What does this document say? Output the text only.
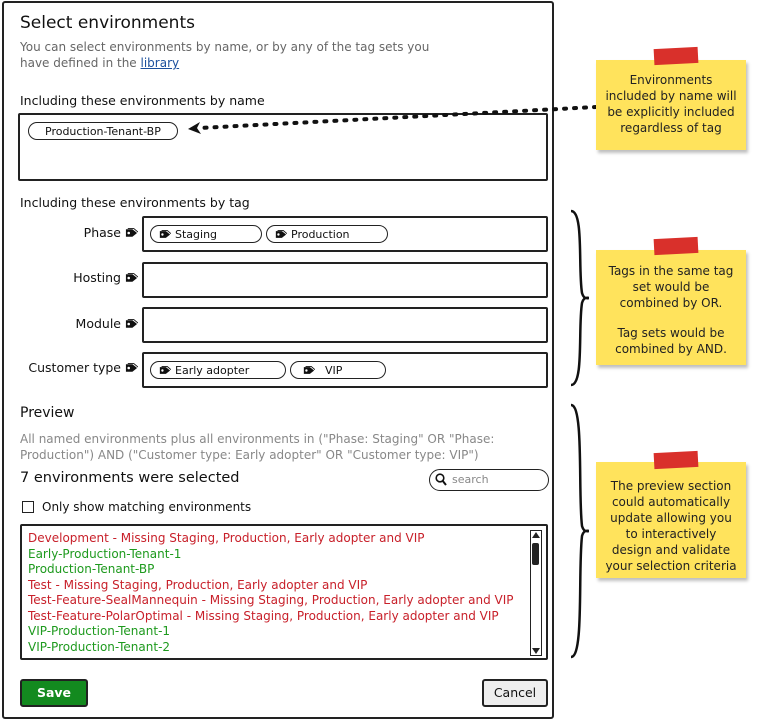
Select environments
You can select environments by name, or by any of the tag sets you have defined in the library
Including these environments by name
Production-Tenant-BP
Including these environments by tag
Phase	Staging	Production
Hosting
Module
Customer type	Early adopter	VIP
Preview
All named environments plus all environments in ("Phase: Staging" OR "Phase: Production") AND ("Customer type: Early adopter" OR "Customer type: VIP")
7 environments were selected	search
Only show matching environments
Development - Missing Staging, Production, Early adopter and VIP
Early-Production-Tenant-1
Production-Tenant-BP
Test - Missing Staging, Production, Early adopter and VIP
Test-Feature-SealMannequin - Missing Staging, Production, Early adopter and VIP
Test-Feature-PolarOptimal - Missing Staging, Production, Early adopter and VIP
VIP-Production-Tenant-1
VIP-Production-Tenant-2
Save	Cancel
Environments included by name will be explicitly included regardless of tag
Tags in the same tag set would be combined by OR.
Tag sets would be combined by AND.
The preview section could automatically update allowing you to interactively design and validate your selection criteria
